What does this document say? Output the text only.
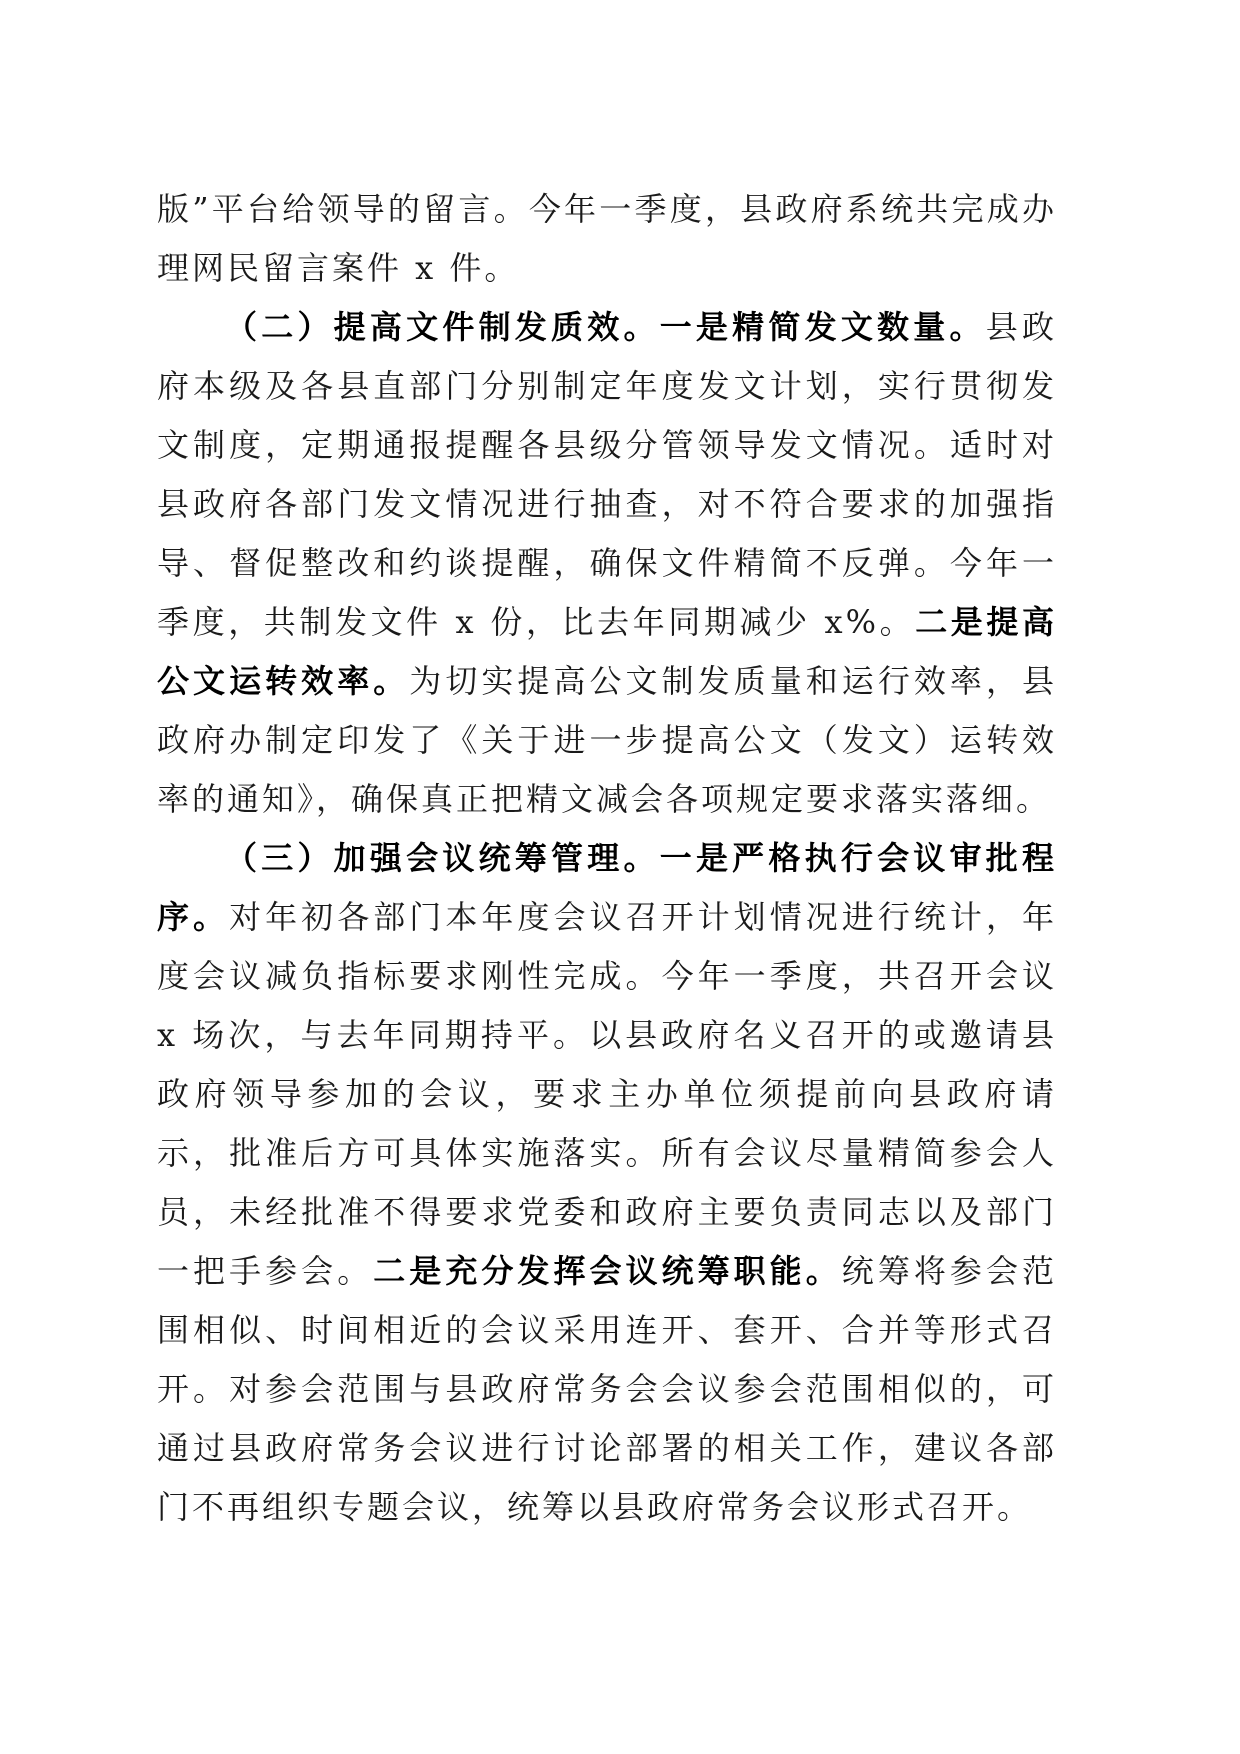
版”平台给领导的留言。今年一季度，县政府系统共完成办理网民留言案件 x 件。

（二）提高文件制发质效。一是精简发文数量。县政府本级及各县直部门分别制定年度发文计划，实行贯彻发文制度，定期通报提醒各县级分管领导发文情况。适时对县政府各部门发文情况进行抽查，对不符合要求的加强指导、督促整改和约谈提醒，确保文件精简不反弹。今年一季度，共制发文件 x 份，比去年同期减少 x%。二是提高公文运转效率。为切实提高公文制发质量和运行效率，县政府办制定印发了《关于进一步提高公文（发文）运转效率的通知》，确保真正把精文减会各项规定要求落实落细。

（三）加强会议统筹管理。一是严格执行会议审批程序。对年初各部门本年度会议召开计划情况进行统计，年度会议减负指标要求刚性完成。今年一季度，共召开会议 x 场次，与去年同期持平。以县政府名义召开的或邀请县政府领导参加的会议，要求主办单位须提前向县政府请示，批准后方可具体实施落实。所有会议尽量精简参会人员，未经批准不得要求党委和政府主要负责同志以及部门一把手参会。二是充分发挥会议统筹职能。统筹将参会范围相似、时间相近的会议采用连开、套开、合并等形式召开。对参会范围与县政府常务会会议参会范围相似的，可通过县政府常务会议进行讨论部署的相关工作，建议各部门不再组织专题会议，统筹以县政府常务会议形式召开。
